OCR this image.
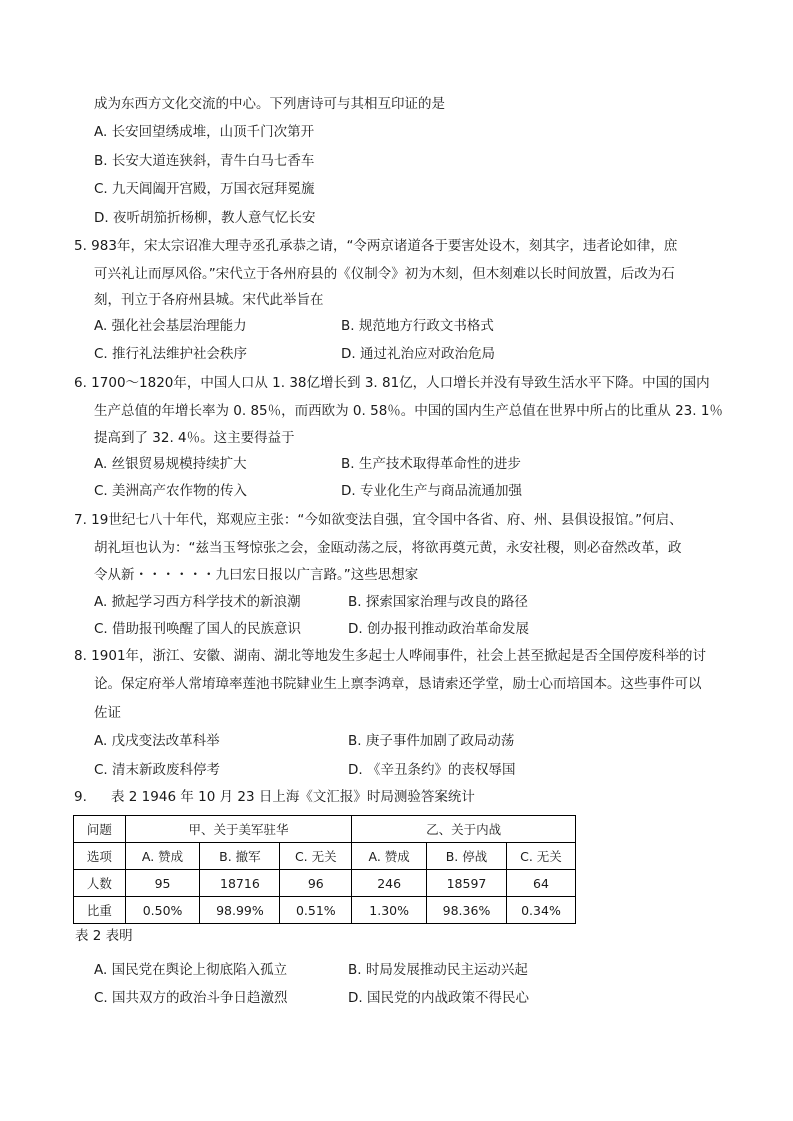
成为东西方文化交流的中心。下列唐诗可与其相互印证的是
A. 长安回望绣成堆，山顶千门次第开
B. 长安大道连狭斜，青牛白马七香车
C. 九天阊阖开宫殿，万国衣冠拜冕旒
D. 夜听胡笳折杨柳，教人意气忆长安
5. 983年，宋太宗诏准大理寺丞孔承恭之请，“令两京诸道各于要害处设木，刻其字，违者论如律，庶
可兴礼让而厚风俗。”宋代立于各州府县的《仪制令》初为木刻，但木刻难以长时间放置，后改为石
刻，刊立于各府州县城。宋代此举旨在
A. 强化社会基层治理能力	B. 规范地方行政文书格式
C. 推行礼法维护社会秩序	D. 通过礼治应对政治危局
6. 1700～1820年，中国人口从 1. 38亿增长到 3. 81亿，人口增长并没有导致生活水平下降。中国的国内
生产总值的年增长率为 0. 85％，而西欧为 0. 58％。中国的国内生产总值在世界中所占的比重从 23. 1％
提高到了 32. 4％。这主要得益于
A. 丝银贸易规模持续扩大	B. 生产技术取得革命性的进步
C. 美洲高产农作物的传入	D. 专业化生产与商品流通加强
7. 19世纪七八十年代，郑观应主张：“今如欲变法自强，宜令国中各省、府、州、县俱设报馆。”何启、
胡礼垣也认为：“兹当玉弩惊张之会，金瓯动荡之辰，将欲再奠元黄，永安社稷，则必奋然改革，政
令从新・・・・・・九曰宏日报以广言路。”这些思想家
A. 掀起学习西方科学技术的新浪潮	B. 探索国家治理与改良的路径
C. 借助报刊唤醒了国人的民族意识	D. 创办报刊推动政治革命发展
8. 1901年，浙江、安徽、湖南、湖北等地发生多起士人哗闹事件，社会上甚至掀起是否全国停废科举的讨
论。保定府举人常堉璋率莲池书院肄业生上禀李鸿章，恳请索还学堂，励士心而培国本。这些事件可以
佐证
A. 戊戌变法改革科举	B. 庚子事件加剧了政局动荡
C. 清末新政废科停考	D. 《辛丑条约》的丧权辱国
9. 表 2 1946 年 10 月 23 日上海《文汇报》时局测验答案统计
问题	甲、关于美军驻华			乙、关于内战		
选项	A. 赞成	B. 撤军	C. 无关	A. 赞成	B. 停战	C. 无关
人数	95	18716	96	246	18597	64
比重	0.50%	98.99%	0.51%	1.30%	98.36%	0.34%
表 2 表明
A. 国民党在舆论上彻底陷入孤立	B. 时局发展推动民主运动兴起
C. 国共双方的政治斗争日趋激烈	D. 国民党的内战政策不得民心
